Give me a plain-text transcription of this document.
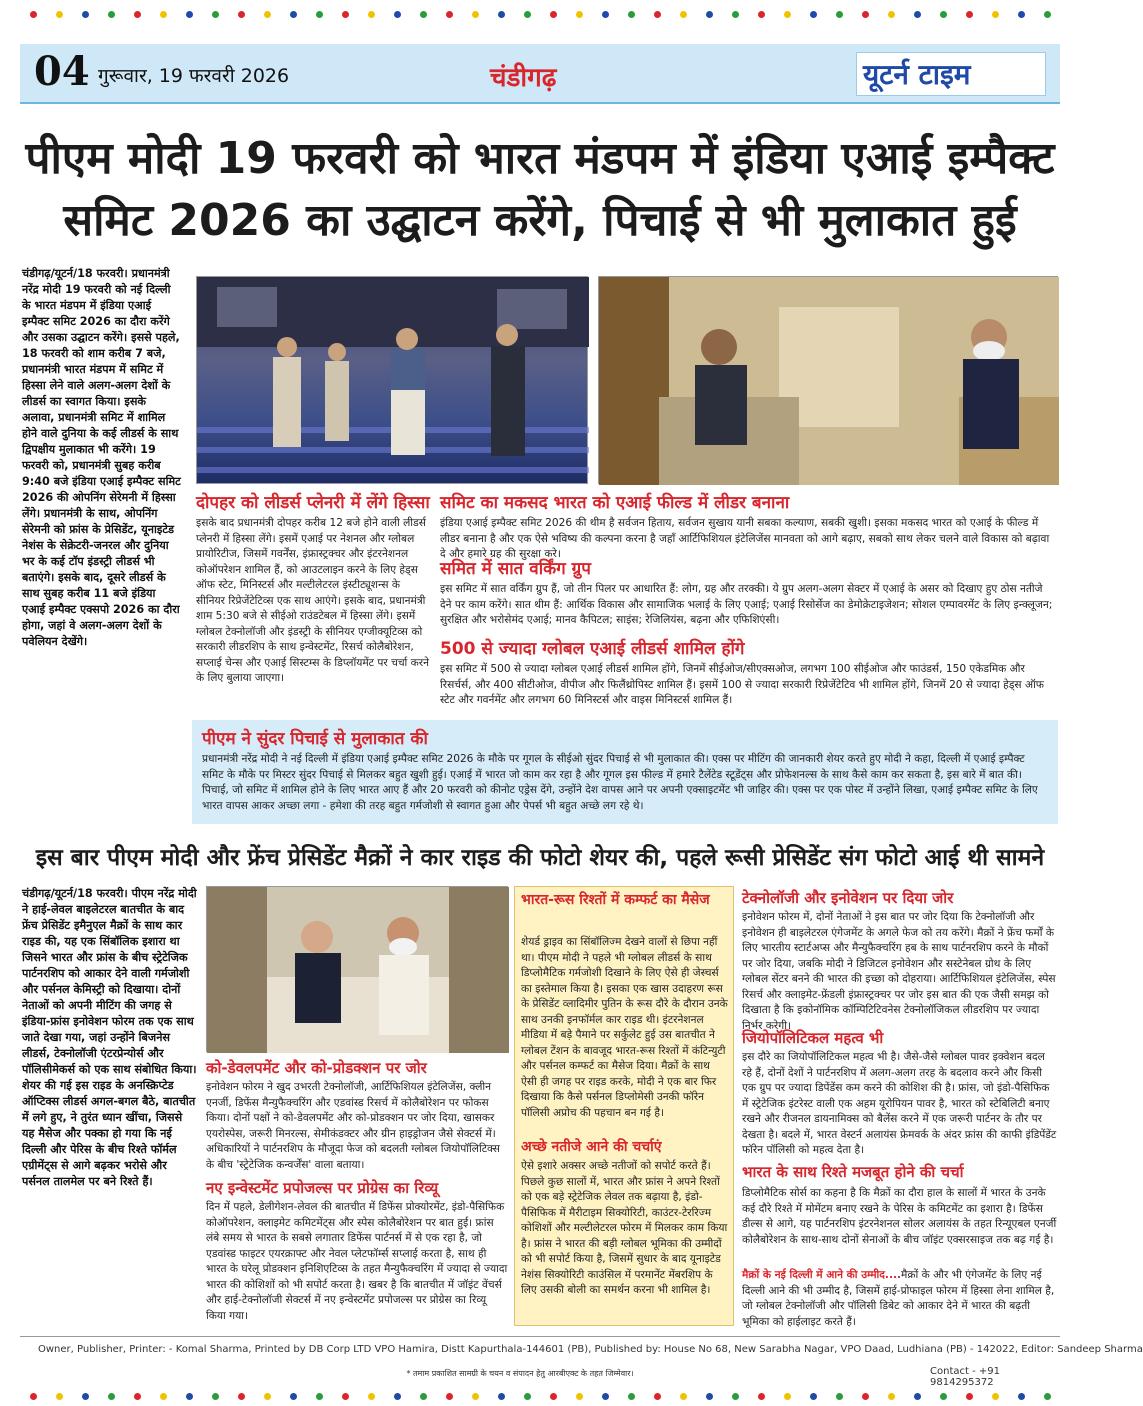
04 गुरूवार, 19 फरवरी 2026	चंडीगढ़	यूटर्न टाइम
पीएम मोदी 19 फरवरी को भारत मंडपम में इंडिया एआई इम्पैक्ट
समिट 2026 का उद्घाटन करेंगे, पिचाई से भी मुलाकात हुई
चंडीगढ़/यूटर्न/18 फरवरी। प्रधानमंत्री नरेंद्र मोदी 19 फरवरी को नई दिल्ली के भारत मंडपम में इंडिया एआई इम्पैक्ट समिट 2026 का दौरा करेंगे और उसका उद्घाटन करेंगे। इससे पहले, 18 फरवरी को शाम करीब 7 बजे, प्रधानमंत्री भारत मंडपम में समिट में हिस्सा लेने वाले अलग-अलग देशों के लीडर्स का स्वागत किया। इसके अलावा, प्रधानमंत्री समिट में शामिल होने वाले दुनिया के कई लीडर्स के साथ द्विपक्षीय मुलाकात भी करेंगे। 19 फरवरी को, प्रधानमंत्री सुबह करीब 9:40 बजे इंडिया एआई इम्पैक्ट समिट 2026 की ओपनिंग सेरेमनी में हिस्सा लेंगे। प्रधानमंत्री के साथ, ओपनिंग सेरेमनी को फ्रांस के प्रेसिडेंट, यूनाइटेड नेशंस के सेक्रेटरी-जनरल और दुनिया भर के कई टॉप इंडस्ट्री लीडर्स भी बताएंगे। इसके बाद, दूसरे लीडर्स के साथ सुबह करीब 11 बजे इंडिया एआई इम्पैक्ट एक्सपो 2026 का दौरा होगा, जहां वे अलग-अलग देशों के पवेलियन देखेंगे।
दोपहर को लीडर्स प्लेनरी में लेंगे हिस्सा
इसके बाद प्रधानमंत्री दोपहर करीब 12 बजे होने वाली लीडर्स प्लेनरी में हिस्सा लेंगे। इसमें एआई पर नेशनल और ग्लोबल प्रायोरिटीज, जिसमें गवर्नेंस, इंफ्रास्ट्रक्चर और इंटरनेशनल कोऑपरेशन शामिल हैं, को आउटलाइन करने के लिए हेड्स ऑफ स्टेट, मिनिस्टर्स और मल्टीलेटरल इंस्टीट्यूशन्स के सीनियर रिप्रेजेंटेटिव्स एक साथ आएंगे। इसके बाद, प्रधानमंत्री शाम 5:30 बजे से सीईओ राउंडटेबल में हिस्सा लेंगे। इसमें ग्लोबल टेक्नोलॉजी और इंडस्ट्री के सीनियर एग्जीक्यूटिव्स को सरकारी लीडरशिप के साथ इन्वेस्टमेंट, रिसर्च कोलैबोरेशन, सप्लाई चेन्स और एआई सिस्टम्स के डिप्लॉयमेंट पर चर्चा करने के लिए बुलाया जाएगा।
समिट का मकसद भारत को एआई फील्ड में लीडर बनाना
इंडिया एआई इम्पैक्ट समिट 2026 की थीम है सर्वजन हिताय, सर्वजन सुखाय यानी सबका कल्याण, सबकी खुशी। इसका मकसद भारत को एआई के फील्ड में लीडर बनाना है और एक ऐसे भविष्य की कल्पना करना है जहाँ आर्टिफिशियल इंटेलिजेंस मानवता को आगे बढ़ाए, सबको साथ लेकर चलने वाले विकास को बढ़ावा दे और हमारे ग्रह की सुरक्षा करे।
समित में सात वर्किंग ग्रुप
इस समिट में सात वर्किंग ग्रुप हैं, जो तीन पिलर पर आधारित हैं: लोग, ग्रह और तरक्की। ये ग्रुप अलग-अलग सेक्टर में एआई के असर को दिखाए हुए ठोस नतीजे देने पर काम करेंगे। सात थीम हैं: आर्थिक विकास और सामाजिक भलाई के लिए एआई; एआई रिसोर्सेज का डेमोक्रेटाइजेशन; सोशल एम्पावरमेंट के लिए इन्क्लूजन; सुरक्षित और भरोसेमंद एआई; मानव कैपिटल; साइंस; रेजिलियंस, बढ़ना और एफिशिएंसी।
500 से ज्यादा ग्लोबल एआई लीडर्स शामिल होंगे
इस समिट में 500 से ज्यादा ग्लोबल एआई लीडर्स शामिल होंगे, जिनमें सीईओज/सीएक्सओज, लगभग 100 सीईओज और फाउंडर्स, 150 एकेडमिक और रिसर्चर्स, और 400 सीटीओज, वीपीज और फिलैंथ्रोपिस्ट शामिल हैं। इसमें 100 से ज्यादा सरकारी रिप्रेजेंटेटिव भी शामिल होंगे, जिनमें 20 से ज्यादा हेड्स ऑफ स्टेट और गवर्नमेंट और लगभग 60 मिनिस्टर्स और वाइस मिनिस्टर्स शामिल हैं।
पीएम ने सुंदर पिचाई से मुलाकात की
प्रधानमंत्री नरेंद्र मोदी ने नई दिल्ली में इंडिया एआई इम्पैक्ट समिट 2026 के मौके पर गूगल के सीईओ सुंदर पिचाई से भी मुलाकात की। एक्स पर मीटिंग की जानकारी शेयर करते हुए मोदी ने कहा, दिल्ली में एआई इम्पैक्ट समिट के मौके पर मिस्टर सुंदर पिचाई से मिलकर बहुत खुशी हुई। एआई में भारत जो काम कर रहा है और गूगल इस फील्ड में हमारे टैलेंटेड स्टूडेंट्स और प्रोफेशनल्स के साथ कैसे काम कर सकता है, इस बारे में बात की। पिचाई, जो समिट में शामिल होने के लिए भारत आए हैं और 20 फरवरी को कीनोट एड्रेस देंगे, उन्होंने देश वापस आने पर अपनी एक्साइटमेंट भी जाहिर की। एक्स पर एक पोस्ट में उन्होंने लिखा, एआई इम्पैक्ट समिट के लिए भारत वापस आकर अच्छा लगा - हमेशा की तरह बहुत गर्मजोशी से स्वागत हुआ और पेपर्स भी बहुत अच्छे लग रहे थे।
इस बार पीएम मोदी और फ्रेंच प्रेसिडेंट मैक्रों ने कार राइड की फोटो शेयर की, पहले रूसी प्रेसिडेंट संग फोटो आई थी सामने
चंडीगढ़/यूटर्न/18 फरवरी। पीएम नरेंद्र मोदी ने हाई-लेवल बाइलेटरल बातचीत के बाद फ्रेंच प्रेसिडेंट इमैनुएल मैक्रों के साथ कार राइड की, यह एक सिंबॉलिक इशारा था जिसने भारत और फ्रांस के बीच स्ट्रेटेजिक पार्टनरशिप को आकार देने वाली गर्मजोशी और पर्सनल केमिस्ट्री को दिखाया। दोनों नेताओं को अपनी मीटिंग की जगह से इंडिया-फ्रांस इनोवेशन फोरम तक एक साथ जाते देखा गया, जहां उन्होंने बिजनेस लीडर्स, टेक्नोलॉजी एंटरप्रेन्योर्स और पॉलिसीमेकर्स को एक साथ संबोधित किया। शेयर की गई इस राइड के अनस्क्रिप्टेड ऑप्टिक्स लीडर्स अगल-बगल बैठे, बातचीत में लगे हुए, ने तुरंत ध्यान खींचा, जिससे यह मैसेज और पक्का हो गया कि नई दिल्ली और पेरिस के बीच रिश्ते फॉर्मल एग्रीमेंट्स से आगे बढ़कर भरोसे और पर्सनल तालमेल पर बने रिश्ते हैं।
को-डेवलपमेंट और को-प्रोडक्शन पर जोर
इनोवेशन फोरम ने खुद उभरती टेक्नोलॉजी, आर्टिफिशियल इंटेलिजेंस, क्लीन एनर्जी, डिफेंस मैन्युफैक्चरिंग और एडवांस्ड रिसर्च में कोलैबोरेशन पर फोकस किया। दोनों पक्षों ने को-डेवलपमेंट और को-प्रोडक्शन पर जोर दिया, खासकर एयरोस्पेस, जरूरी मिनरल्स, सेमीकंडक्टर और ग्रीन हाइड्रोजन जैसे सेक्टर्स में। अधिकारियों ने पार्टनरशिप के मौजूदा फेज को बदलती ग्लोबल जियोपॉलिटिक्स के बीच 'स्ट्रेटेजिक कन्वर्जेंस' वाला बताया।
नए इन्वेस्टमेंट प्रपोजल्स पर प्रोग्रेस का रिव्यू
दिन में पहले, डेलीगेशन-लेवल की बातचीत में डिफेंस प्रोक्योरमेंट, इंडो-पैसिफिक कोऑपरेशन, क्लाइमेट कमिटमेंट्स और स्पेस कोलैबोरेशन पर बात हुई। फ्रांस लंबे समय से भारत के सबसे लगातार डिफेंस पार्टनर्स में से एक रहा है, जो एडवांस्ड फाइटर एयरक्राफ्ट और नेवल प्लेटफॉर्म्स सप्लाई करता है, साथ ही भारत के घरेलू प्रोडक्शन इनिशिएटिव्स के तहत मैन्युफैक्चरिंग में ज्यादा से ज्यादा भारत की कोशिशों को भी सपोर्ट करता है। खबर है कि बातचीत में जॉइंट वेंचर्स और हाई-टेक्नोलॉजी सेक्टर्स में नए इन्वेस्टमेंट प्रपोजल्स पर प्रोग्रेस का रिव्यू किया गया।
भारत-रूस रिश्तों में कम्फर्ट का मैसेज
शेयर्ड ड्राइव का सिंबॉलिज्म देखने वालों से छिपा नहीं था। पीएम मोदी ने पहले भी ग्लोबल लीडर्स के साथ डिप्लोमैटिक गर्मजोशी दिखाने के लिए ऐसे ही जेस्चर्स का इस्तेमाल किया है। इसका एक खास उदाहरण रूस के प्रेसिडेंट व्लादिमीर पुतिन के रूस दौरे के दौरान उनके साथ उनकी इनफॉर्मल कार राइड थी। इंटरनेशनल मीडिया में बड़े पैमाने पर सर्कुलेट हुई उस बातचीत ने ग्लोबल टेंशन के बावजूद भारत-रूस रिश्तों में कंटिन्युटी और पर्सनल कम्फर्ट का मैसेज दिया। मैक्रों के साथ ऐसी ही जगह पर राइड करके, मोदी ने एक बार फिर दिखाया कि कैसे पर्सनल डिप्लोमेसी उनकी फॉरेन पॉलिसी अप्रोच की पहचान बन गई है।
अच्छे नतीजे आने की चर्चाएं
ऐसे इशारे अक्सर अच्छे नतीजों को सपोर्ट करते हैं। पिछले कुछ सालों में, भारत और फ्रांस ने अपने रिश्तों को एक बड़े स्ट्रेटेजिक लेवल तक बढ़ाया है, इंडो-पैसिफिक में मैरीटाइम सिक्योरिटी, काउंटर-टेररिज्म कोशिशों और मल्टीलेटरल फोरम में मिलकर काम किया है। फ्रांस ने भारत की बड़ी ग्लोबल भूमिका की उम्मीदों को भी सपोर्ट किया है, जिसमें सुधार के बाद यूनाइटेड नेशंस सिक्योरिटी काउंसिल में परमानेंट मेंबरशिप के लिए उसकी बोली का समर्थन करना भी शामिल है।
टेक्नोलॉजी और इनोवेशन पर दिया जोर
इनोवेशन फोरम में, दोनों नेताओं ने इस बात पर जोर दिया कि टेक्नोलॉजी और इनोवेशन ही बाइलेटरल एंगेजमेंट के अगले फेज को तय करेंगे। मैक्रों ने फ्रेंच फर्मों के लिए भारतीय स्टार्टअप्स और मैन्युफैक्चरिंग हब के साथ पार्टनरशिप करने के मौकों पर जोर दिया, जबकि मोदी ने डिजिटल इनोवेशन और सस्टेनेबल ग्रोथ के लिए ग्लोबल सेंटर बनने की भारत की इच्छा को दोहराया। आर्टिफिशियल इंटेलिजेंस, स्पेस रिसर्च और क्लाइमेट-फ्रेंडली इंफ्रास्ट्रक्चर पर जोर इस बात की एक जैसी समझ को दिखाता है कि इकोनॉमिक कॉम्पिटिटिवनेस टेक्नोलॉजिकल लीडरशिप पर ज्यादा निर्भर करेगी।
जियोपॉलिटिकल महत्व भी
इस दौरे का जियोपॉलिटिकल महत्व भी है। जैसे-जैसे ग्लोबल पावर इक्वेशन बदल रहे हैं, दोनों देशों ने पार्टनरशिप में अलग-अलग तरह के बदलाव करने और किसी एक ग्रुप पर ज्यादा डिपेंडेंस कम करने की कोशिश की है। फ्रांस, जो इंडो-पैसिफिक में स्ट्रेटेजिक इंटरेस्ट वाली एक अहम यूरोपियन पावर है, भारत को स्टेबिलिटी बनाए रखने और रीजनल डायनामिक्स को बैलेंस करने में एक जरूरी पार्टनर के तौर पर देखता है। बदले में, भारत वेस्टर्न अलायंस फ्रेमवर्क के अंदर फ्रांस की काफी इंडिपेंडेंट फॉरेन पॉलिसी को महत्व देता है।
भारत के साथ रिश्ते मजबूत होने की चर्चा
डिप्लोमैटिक सोर्स का कहना है कि मैक्रों का दौरा हाल के सालों में भारत के उनके कई दौरे रिश्ते में मोमेंटम बनाए रखने के पेरिस के कमिटमेंट का इशारा है। डिफेंस डील्स से आगे, यह पार्टनरशिप इंटरनेशनल सोलर अलायंस के तहत रिन्यूएबल एनर्जी कोलैबोरेशन के साथ-साथ दोनों सेनाओं के बीच जॉइंट एक्सरसाइज तक बढ़ गई है।
मैक्रों के नई दिल्ली में आने की उम्मीद....मैक्रों के और भी एंगेजमेंट के लिए नई दिल्ली आने की भी उम्मीद है, जिसमें हाई-प्रोफाइल फोरम में हिस्सा लेना शामिल है, जो ग्लोबल टेक्नोलॉजी और पॉलिसी डिबेट को आकार देने में भारत की बढ़ती भूमिका को हाईलाइट करते हैं।
Owner, Publisher, Printer: - Komal Sharma, Printed by DB Corp LTD VPO Hamira, Distt Kapurthala-144601 (PB), Published by: House No 68, New Sarabha Nagar, VPO Daad, Ludhiana (PB) - 142022, Editor: Sandeep Sharma
* तमाम प्रकाशित सामग्री के चयन व संपादन हेतु आरबीएक्ट के तहत जिम्मेवार।	Contact - +91 9814295372
